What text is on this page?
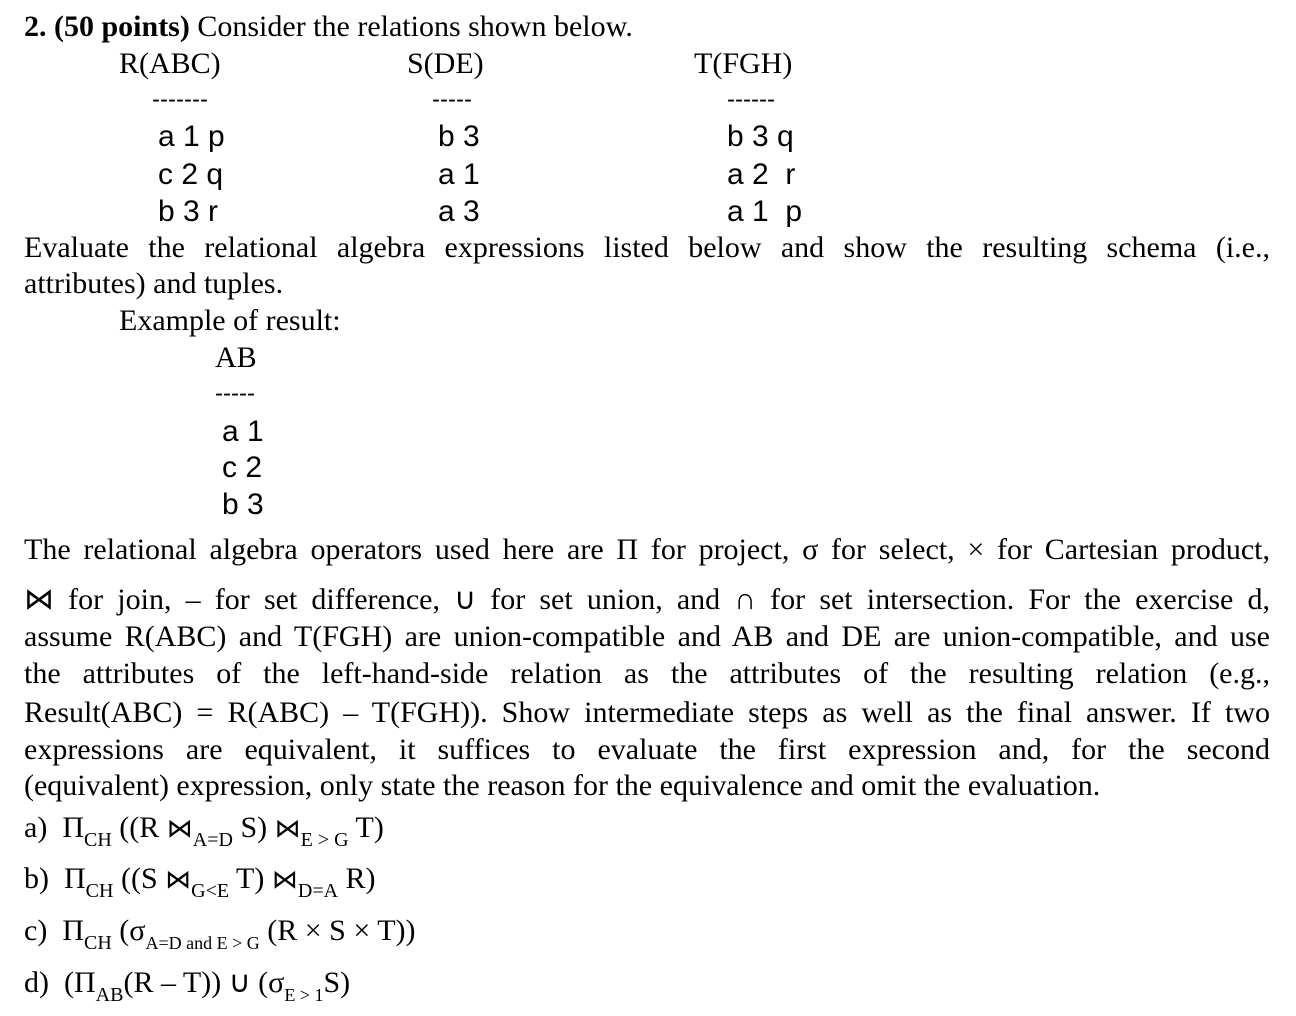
2. (50 points) Consider the relations shown below.
R(ABC)
-------
a 1 p
c 2 q
b 3 r
S(DE)
-----
b 3
a 1
a 3
T(FGH)
------
b 3 q
a 2  r
a 1  p
Evaluate the relational algebra expressions listed below and show the resulting schema (i.e.,
attributes) and tuples.
Example of result:
AB
-----
a 1
c 2
b 3
The relational algebra operators used here are Π for project, σ for select, × for Cartesian product,
⋈ for join, – for set difference, ∪ for set union, and ∩ for set intersection. For the exercise d,
assume R(ABC) and T(FGH) are union-compatible and AB and DE are union-compatible, and use
the attributes of the left-hand-side relation as the attributes of the resulting relation (e.g.,
Result(ABC) = R(ABC) – T(FGH)). Show intermediate steps as well as the final answer. If two
expressions are equivalent, it suffices to evaluate the first expression and, for the second
(equivalent) expression, only state the reason for the equivalence and omit the evaluation.
a) $\Pi_{CH}$ ((R $⋈_{A=D}$ S) $⋈_{E > G}$ T)
b) $\Pi_{CH}$ ((S $⋈_{G<E}$ T) $⋈_{D=A}$ R)
c) $\Pi_{CH}$ ($\sigma_{A=D and E > G}$ (R × S × T))
d) $(\Pi_{AB}(R - T))$ ∪ $(\sigma_{E > 1}S)$
